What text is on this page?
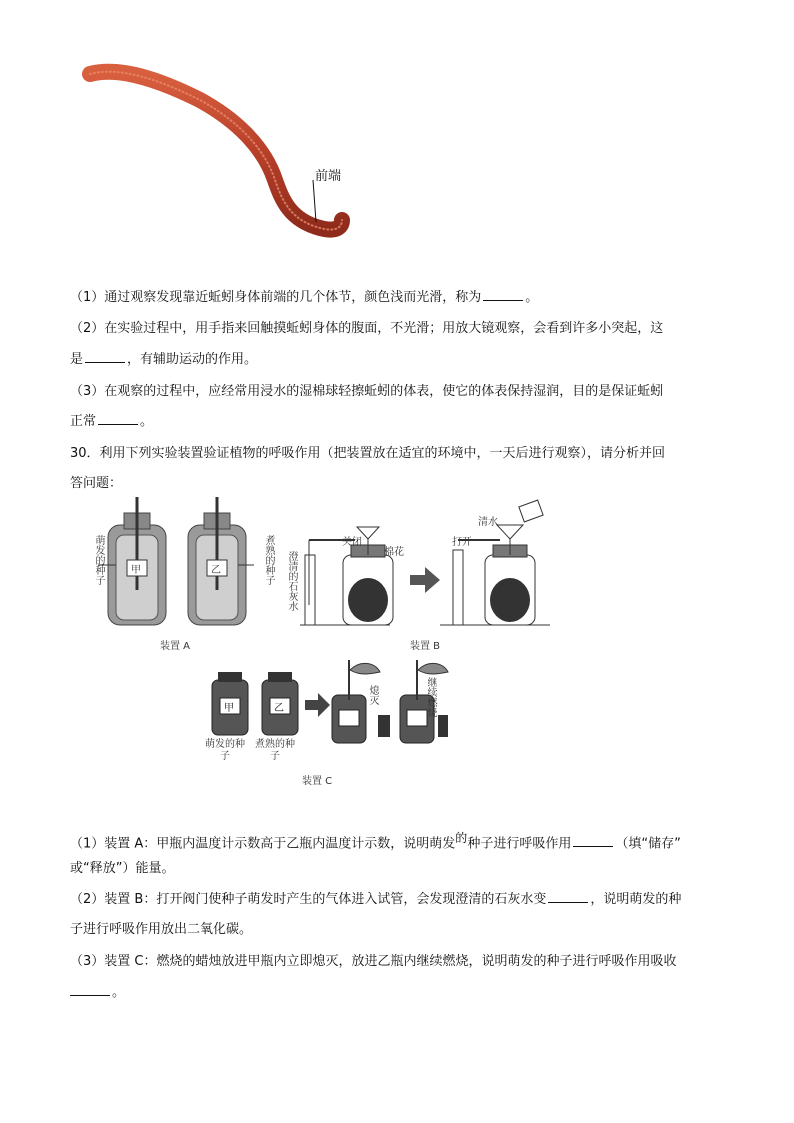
前端
（1）通过观察发现靠近蚯蚓身体前端的几个体节，颜色浅而光滑，称为	。
（2）在实验过程中，用手指来回触摸蚯蚓身体的腹面，不光滑；用放大镜观察，会看到许多小突起，这
是	，有辅助运动的作用。
（3）在观察的过程中，应经常用浸水的湿棉球轻擦蚯蚓的体表，使它的体表保持湿润，目的是保证蚯蚓
正常	。
30．利用下列实验装置验证植物的呼吸作用（把装置放在适宜的环境中，一天后进行观察），请分析并回
答问题：
甲	乙
萌发的种子	煮熟的种子
装置 A
关闭
棉花
澄清的石灰水
打开
清水
装置 B
甲	乙
萌发的种子
煮熟的种子
熄灭	继续燃烧
装置 C
（1）装置 A：甲瓶内温度计示数高于乙瓶内温度计示数，说明萌发$^的$种子进行呼吸作用	（填“储存”
或“释放”）能量。
（2）装置 B：打开阀门使种子萌发时产生的气体进入试管，会发现澄清的石灰水变	，说明萌发的种
子进行呼吸作用放出二氧化碳。
（3）装置 C：燃烧的蜡烛放进甲瓶内立即熄灭，放进乙瓶内继续燃烧，说明萌发的种子进行呼吸作用吸收
。
